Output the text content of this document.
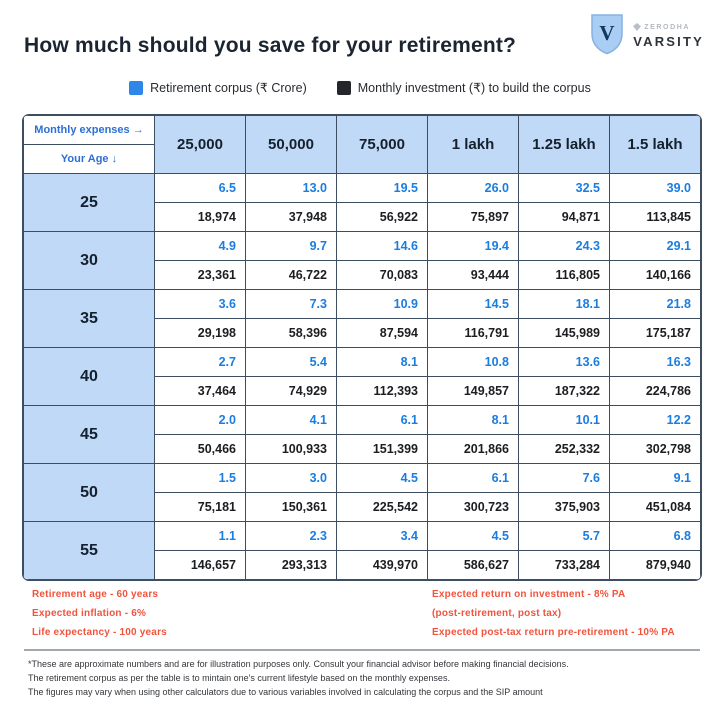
How much should you save for your retirement?
V	ZERODHA
VARSITY
Retirement corpus (₹ Crore)	Monthly investment (₹) to build the corpus
Monthly expenses →
Your Age ↓	25,000	50,000	75,000	1 lakh	1.25 lakh	1.5 lakh
25	6.5	13.0	19.5	26.0	32.5	39.0
	18,974	37,948	56,922	75,897	94,871	113,845
30	4.9	9.7	14.6	19.4	24.3	29.1
	23,361	46,722	70,083	93,444	116,805	140,166
35	3.6	7.3	10.9	14.5	18.1	21.8
	29,198	58,396	87,594	116,791	145,989	175,187
40	2.7	5.4	8.1	10.8	13.6	16.3
	37,464	74,929	112,393	149,857	187,322	224,786
45	2.0	4.1	6.1	8.1	10.1	12.2
	50,466	100,933	151,399	201,866	252,332	302,798
50	1.5	3.0	4.5	6.1	7.6	9.1
	75,181	150,361	225,542	300,723	375,903	451,084
55	1.1	2.3	3.4	4.5	5.7	6.8
	146,657	293,313	439,970	586,627	733,284	879,940
Retirement age - 60 years
Expected inflation - 6%
Life expectancy - 100 years
Expected return on investment - 8% PA
(post-retirement, post tax)
Expected post-tax return pre-retirement - 10% PA
*These are approximate numbers and are for illustration purposes only. Consult your financial advisor before making financial decisions.
The retirement corpus as per the table is to mintain one's current lifestyle based on the monthly expenses.
The figures may vary when using other calculators due to various variables involved in calculating the corpus and the SIP amount
